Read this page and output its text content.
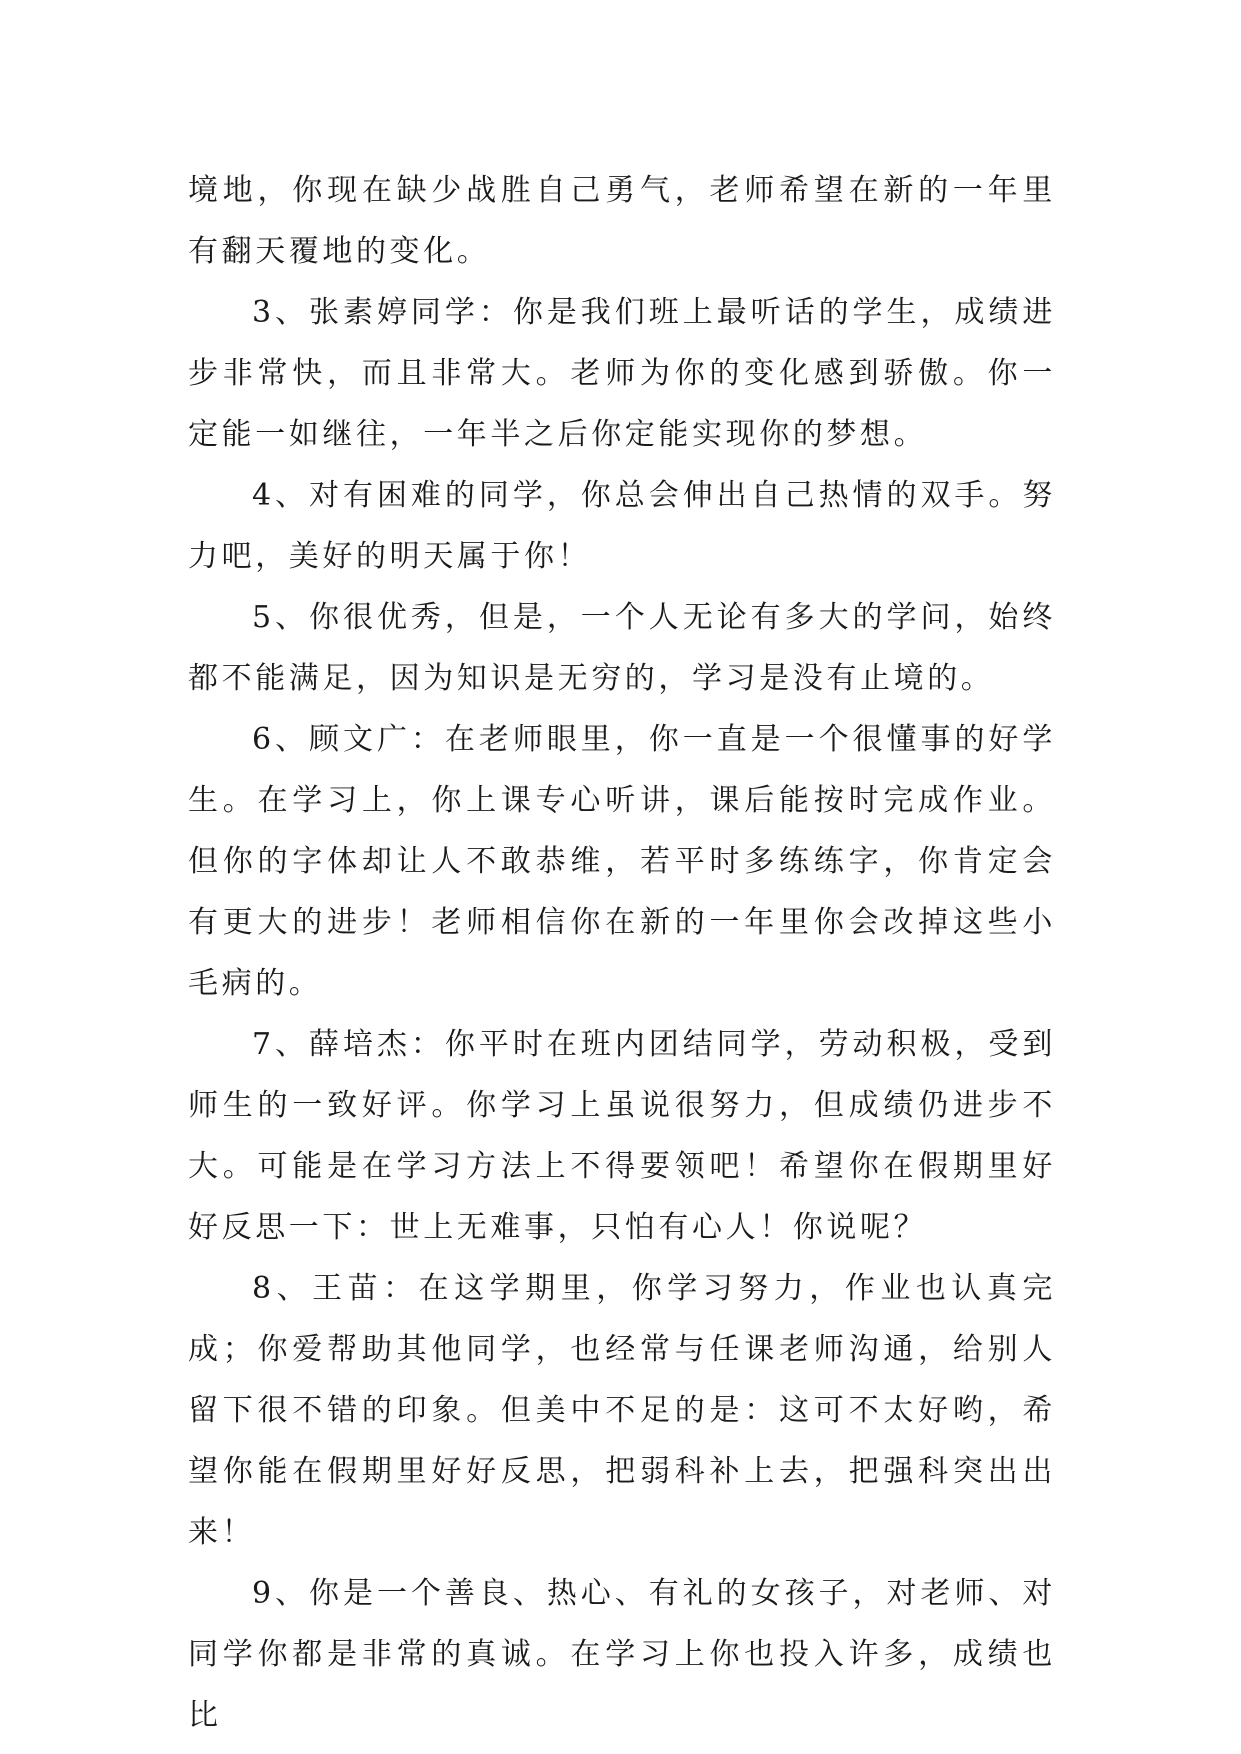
境地，你现在缺少战胜自己勇气，老师希望在新的一年里有翻天覆地的变化。

3、张素婷同学：你是我们班上最听话的学生，成绩进步非常快，而且非常大。老师为你的变化感到骄傲。你一定能一如继往，一年半之后你定能实现你的梦想。

4、对有困难的同学，你总会伸出自己热情的双手。努力吧，美好的明天属于你！

5、你很优秀，但是，一个人无论有多大的学问，始终都不能满足，因为知识是无穷的，学习是没有止境的。

6、顾文广：在老师眼里，你一直是一个很懂事的好学生。在学习上，你上课专心听讲，课后能按时完成作业。但你的字体却让人不敢恭维，若平时多练练字，你肯定会有更大的进步！老师相信你在新的一年里你会改掉这些小毛病的。

7、薛培杰：你平时在班内团结同学，劳动积极，受到师生的一致好评。你学习上虽说很努力，但成绩仍进步不大。可能是在学习方法上不得要领吧！希望你在假期里好好反思一下：世上无难事，只怕有心人！你说呢？

8、王苗：在这学期里，你学习努力，作业也认真完成；你爱帮助其他同学，也经常与任课老师沟通，给别人留下很不错的印象。但美中不足的是：这可不太好哟，希望你能在假期里好好反思，把弱科补上去，把强科突出出来！

9、你是一个善良、热心、有礼的女孩子，对老师、对同学你都是非常的真诚。在学习上你也投入许多，成绩也比
